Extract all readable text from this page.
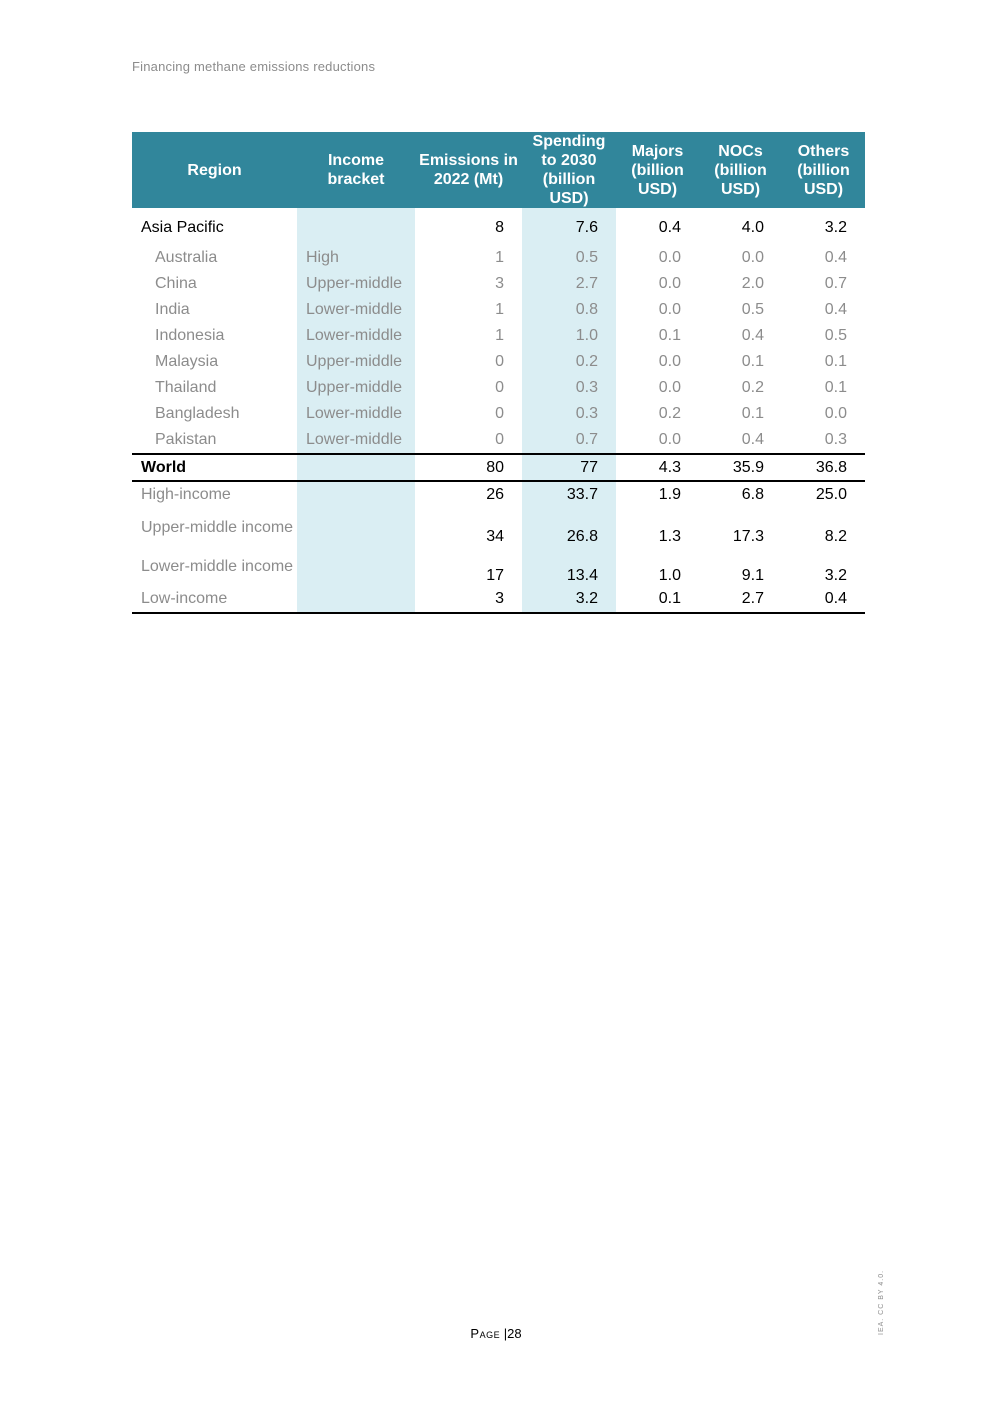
Financing methane emissions reductions
Region	Income bracket	Emissions in 2022 (Mt)	Spending to 2030 (billion USD)	Majors (billion USD)	NOCs (billion USD)	Others (billion USD)
Asia Pacific		8	7.6	0.4	4.0	3.2
Australia	High	1	0.5	0.0	0.0	0.4
China	Upper-middle	3	2.7	0.0	2.0	0.7
India	Lower-middle	1	0.8	0.0	0.5	0.4
Indonesia	Lower-middle	1	1.0	0.1	0.4	0.5
Malaysia	Upper-middle	0	0.2	0.0	0.1	0.1
Thailand	Upper-middle	0	0.3	0.0	0.2	0.1
Bangladesh	Lower-middle	0	0.3	0.2	0.1	0.0
Pakistan	Lower-middle	0	0.7	0.0	0.4	0.3
World		80	77	4.3	35.9	36.8
High-income		26	33.7	1.9	6.8	25.0
Upper-middle income		34	26.8	1.3	17.3	8.2
Lower-middle income		17	13.4	1.0	9.1	3.2
Low-income		3	3.2	0.1	2.7	0.4
Page |28	IEA. CC BY 4.0.
